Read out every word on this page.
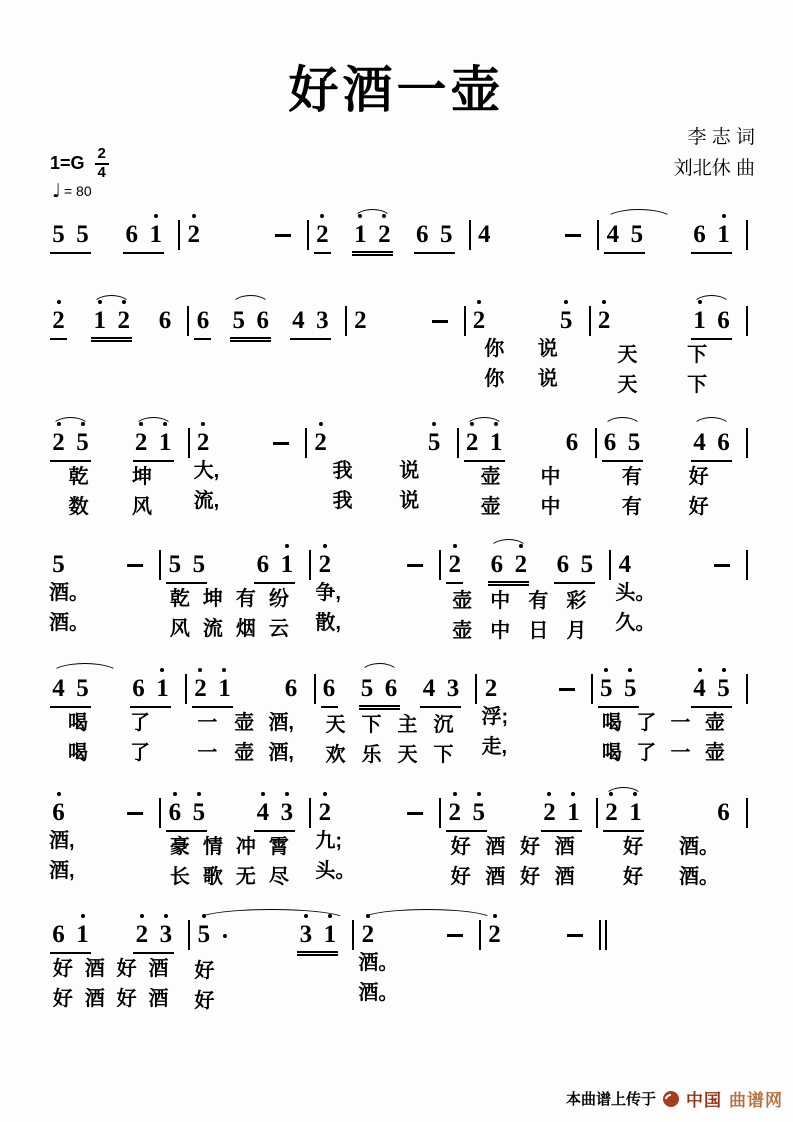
好酒一壶
李 志 词
刘北休 曲
$1=G \frac{2}{4}$
♩ = 80
5 5 6 1 2	2 1 2 6 5 4	4 5 6 1
2 1 2 6 6 5 6 4 3 2	2	5
你	说
你	说
2	1 6
天	下
天	下
2 5 2 1
乾	坤
数	风
2
大,
流,
2	5
我	说
我	说
2 1	6
壶	中
壶	中
6 5 4 6
有	好
有	好
5
酒。
酒。
5 5 6 1
乾 坤 有 纷
风 流 烟 云
2
争,
散,
2 6 2 6 5
壶 中 有 彩
壶 中 日 月
4
头。
久。
4 5 6 1
喝	了
喝	了
2 1 6
一 壶 酒,
一 壶 酒,
6 5 6 4 3
天 下 主 沉
欢 乐 天 下
2
浮;
走,
5 5 4 5
喝 了 一 壶
喝 了 一 壶
6
酒,
酒,
6 5 4 3
豪 情 冲 霄
长 歌 无 尽
2
九;
头。
2 5 2 1
好 酒 好 酒
好 酒 好 酒
2 1	6
好	酒。
好	酒。
6 1 2 3
好 酒 好 酒
好 酒 好 酒
5	3 1
好
好
2
酒。
酒。
2
本曲谱上传于 中国 曲谱网
